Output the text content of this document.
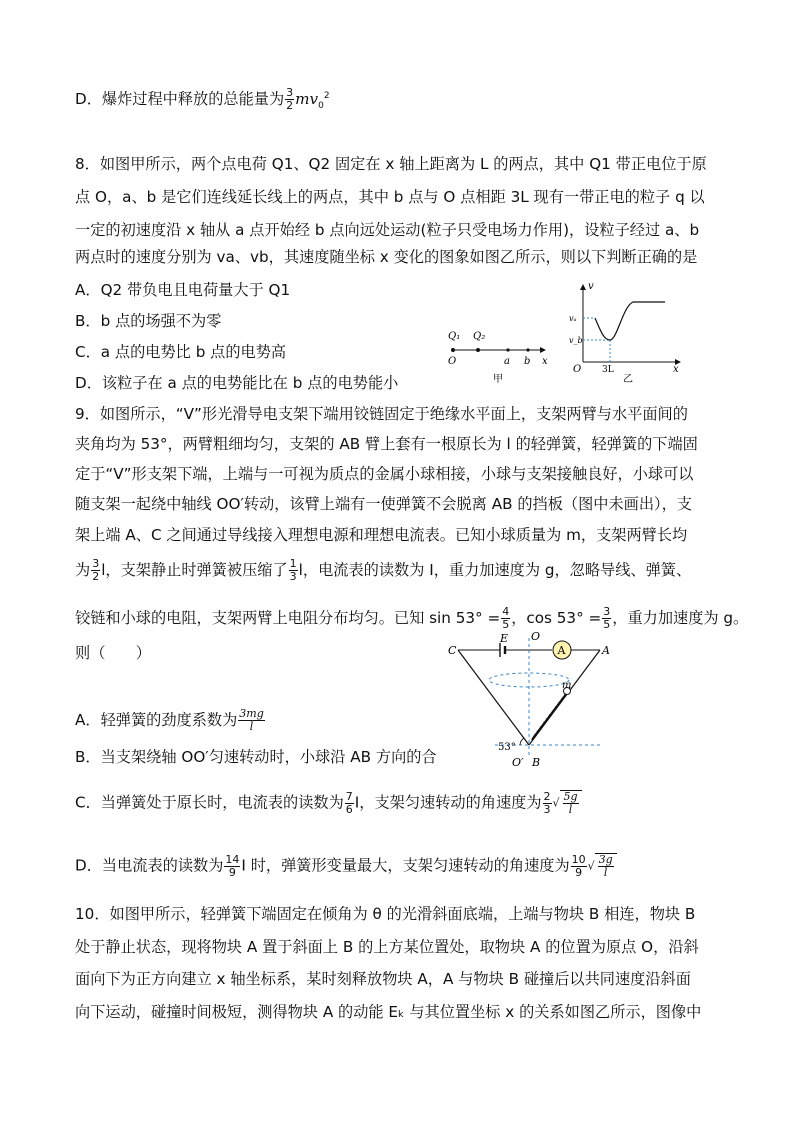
D．爆炸过程中释放的总能量为 $\frac{3}{2} mv_0^2$
8．如图甲所示，两个点电荷 Q1、Q2 固定在 x 轴上距离为 L 的两点，其中 Q1 带正电位于原
点 O，a、b 是它们连线延长线上的两点，其中 b 点与 O 点相距 3L 现有一带正电的粒子 q 以
一定的初速度沿 x 轴从 a 点开始经 b 点向远处运动(粒子只受电场力作用)，设粒子经过 a、b
两点时的速度分别为 va、vb，其速度随坐标 x 变化的图象如图乙所示，则以下判断正确的是
A．Q2 带负电且电荷量大于 Q1
B．b 点的场强不为零
C．a 点的电势比 b 点的电势高
D．该粒子在 a 点的电势能比在 b 点的电势能小
Q₁ Q₂
O	a b x
甲
v
vₐ
v_b
O 3L	x
乙
9．如图所示，“V”形光滑导电支架下端用铰链固定于绝缘水平面上，支架两臂与水平面间的
夹角均为 53°，两臂粗细均匀，支架的 AB 臂上套有一根原长为 l 的轻弹簧，轻弹簧的下端固
定于“V”形支架下端，上端与一可视为质点的金属小球相接，小球与支架接触良好，小球可以
随支架一起绕中轴线 OO′转动，该臂上端有一使弹簧不会脱离 AB 的挡板（图中未画出），支
架上端 A、C 之间通过导线接入理想电源和理想电流表。已知小球质量为 m，支架两臂长均
为 $\frac{3}{2}$ l，支架静止时弹簧被压缩了 $\frac{1}{3}$ l，电流表的读数为 I，重力加速度为 g，忽略导线、弹簧、
铰链和小球的电阻，支架两臂上电阻分布均匀。已知 $\sin 53^\circ = \frac{4}{5}$ ，$\cos 53^\circ = \frac{3}{5}$ ，重力加速度为 g。
则（　　）
A．轻弹簧的劲度系数为 $\frac{3mg}{l}$
B．当支架绕轴 OO′匀速转动时，小球沿 AB 方向的合
C．当弹簧处于原长时，电流表的读数为 $\frac{7}{6}$ I，支架匀速转动的角速度为 $\frac{2}{3}$ √ $\frac{5g}{l}$
D．当电流表的读数为 $\frac{14}{9}$ I 时，弹簧形变量最大，支架匀速转动的角速度为 $\frac{10}{9}$ √ $\frac{3g}{l}$
A
C
E O
A
m
53°
O′ B
10．如图甲所示，轻弹簧下端固定在倾角为 θ 的光滑斜面底端，上端与物块 B 相连，物块 B
处于静止状态，现将物块 A 置于斜面上 B 的上方某位置处，取物块 A 的位置为原点 O，沿斜
面向下为正方向建立 x 轴坐标系，某时刻释放物块 A，A 与物块 B 碰撞后以共同速度沿斜面
向下运动，碰撞时间极短，测得物块 A 的动能 Eₖ 与其位置坐标 x 的关系如图乙所示，图像中
